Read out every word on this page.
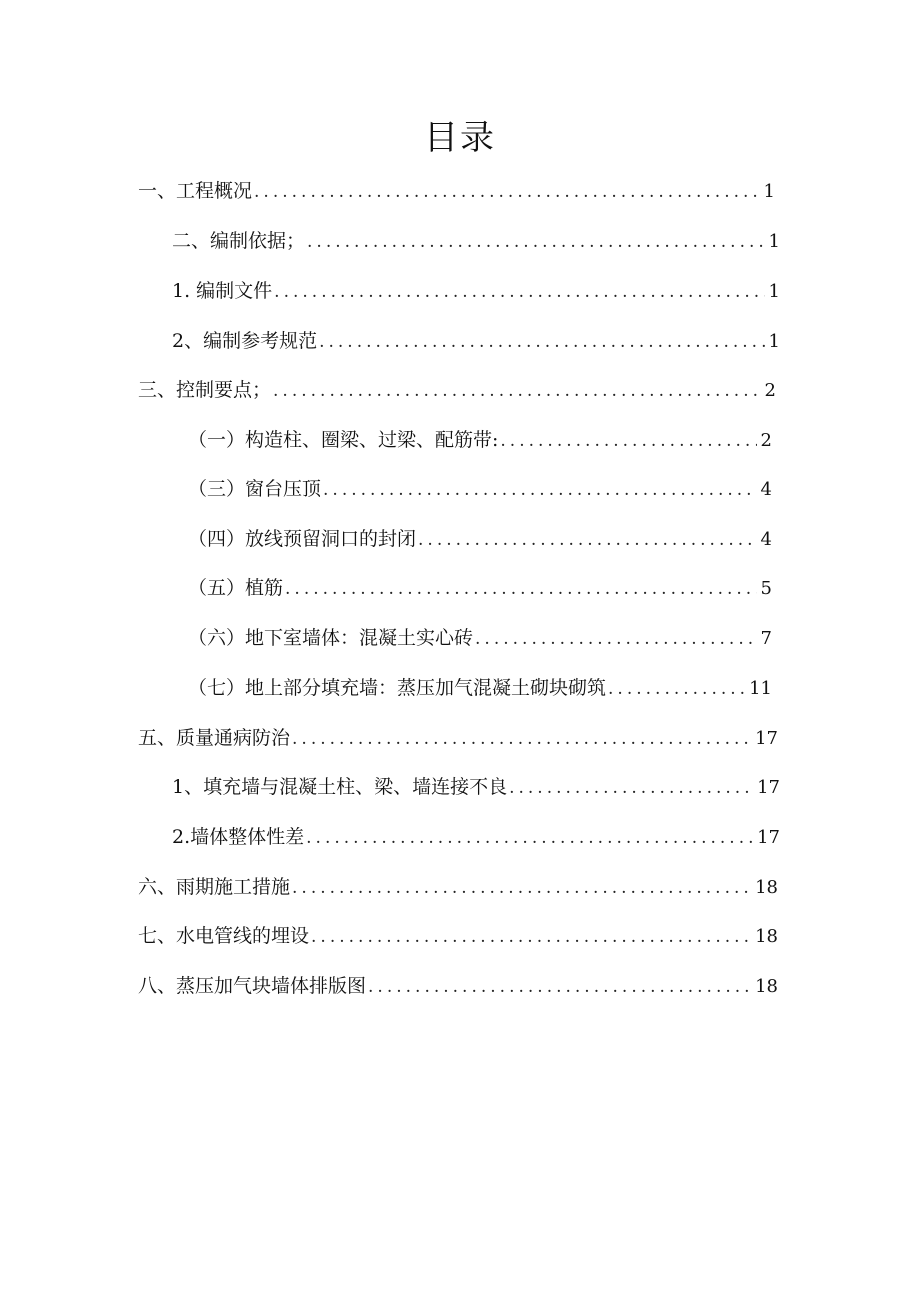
目录
一、工程概况 .....	1
二、编制依据； .....	1
1. 编制文件 .....	1
2、编制参考规范 .....	1
三、控制要点； .....	2
（一）构造柱、圈梁、过梁、配筋带: .....	2
（三）窗台压顶 .....	4
（四）放线预留洞口的封闭 .....	4
（五）植筋 .....	5
（六）地下室墙体：混凝土实心砖 .....	7
（七）地上部分填充墙：蒸压加气混凝土砌块砌筑 .....	11
五、质量通病防治 .....	17
1、填充墙与混凝土柱、梁、墙连接不良 .....	17
2.墙体整体性差 .....	17
六、雨期施工措施 .....	18
七、水电管线的埋设 .....	18
八、蒸压加气块墙体排版图 .....	18
